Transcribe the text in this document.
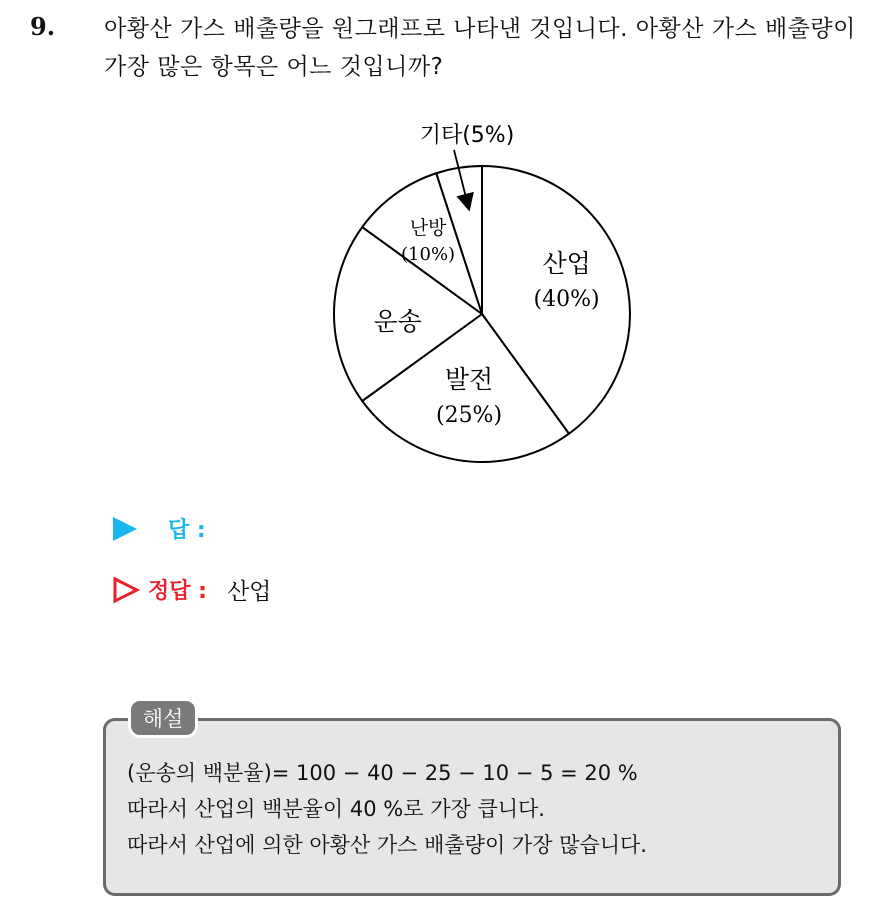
9. 아황산 가스 배출량을 원그래프로 나타낸 것입니다. 아황산 가스 배출량이 가장 많은 항목은 어느 것입니까?
산업
(40%)
발전
(25%)
운송
난방
(10%)
기타(5%)
답 :
정답 : 산업
해설
(운송의 백분율)= 100 − 40 − 25 − 10 − 5 = 20 %
따라서 산업의 백분율이 40 %로 가장 큽니다.
따라서 산업에 의한 아황산 가스 배출량이 가장 많습니다.
